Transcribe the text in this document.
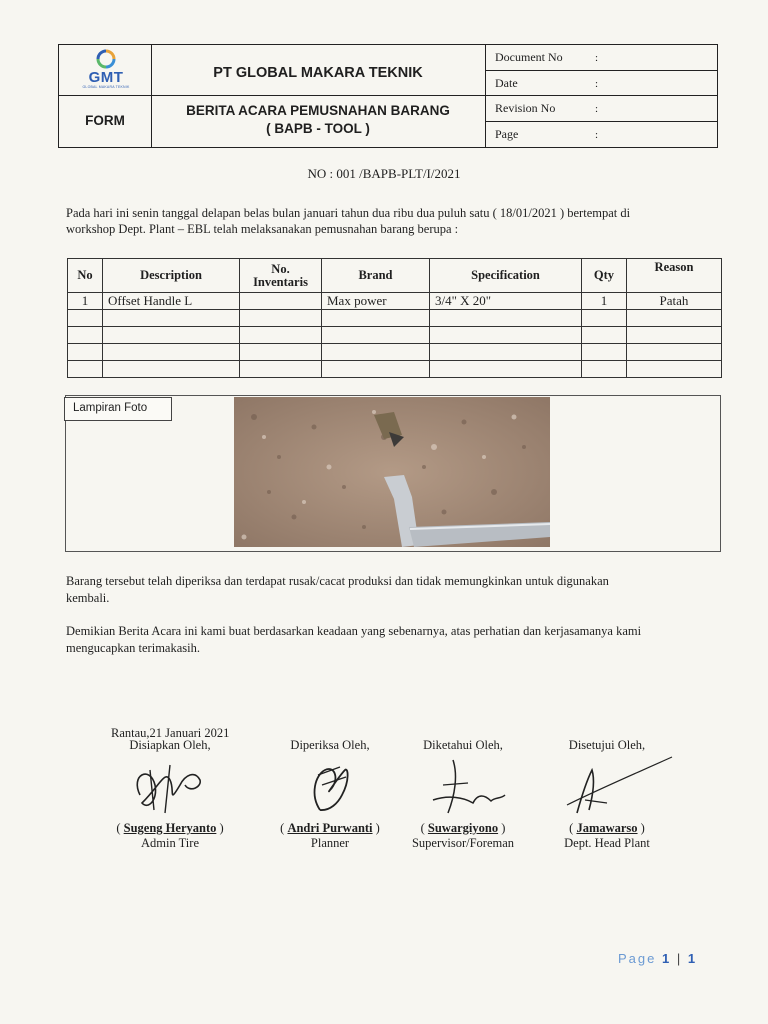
GMT
GLOBAL MAKARA TEKNIK
PT GLOBAL MAKARA TEKNIK
FORM
BERITA ACARA PEMUSNAHAN BARANG
( BAPB - TOOL )
Document No	:
Date	:
Revision No	:
Page	:
NO : 001 /BAPB-PLT/I/2021
Pada hari ini senin tanggal delapan belas bulan januari tahun dua ribu dua puluh satu ( 18/01/2021 ) bertempat di
workshop Dept. Plant – EBL telah melaksanakan pemusnahan barang berupa :
No	Description	No.
Inventaris	Brand	Specification	Qty	Reason
1	Offset Handle L		Max power	3/4" X 20"	1	Patah

Lampiran Foto
Barang tersebut telah diperiksa dan terdapat rusak/cacat produksi dan tidak memungkinkan untuk digunakan
kembali.
Demikian Berita Acara ini kami buat berdasarkan keadaan yang sebenarnya, atas perhatian dan kerjasamanya kami
mengucapkan terimakasih.
Rantau,21 Januari 2021
Disiapkan Oleh,
( Sugeng Heryanto )
Admin Tire
Diperiksa Oleh,
( Andri Purwanti )
Planner
Diketahui Oleh,
( Suwargiyono )
Supervisor/Foreman
Disetujui Oleh,
( Jamawarso )
Dept. Head Plant
Page 1 | 1
